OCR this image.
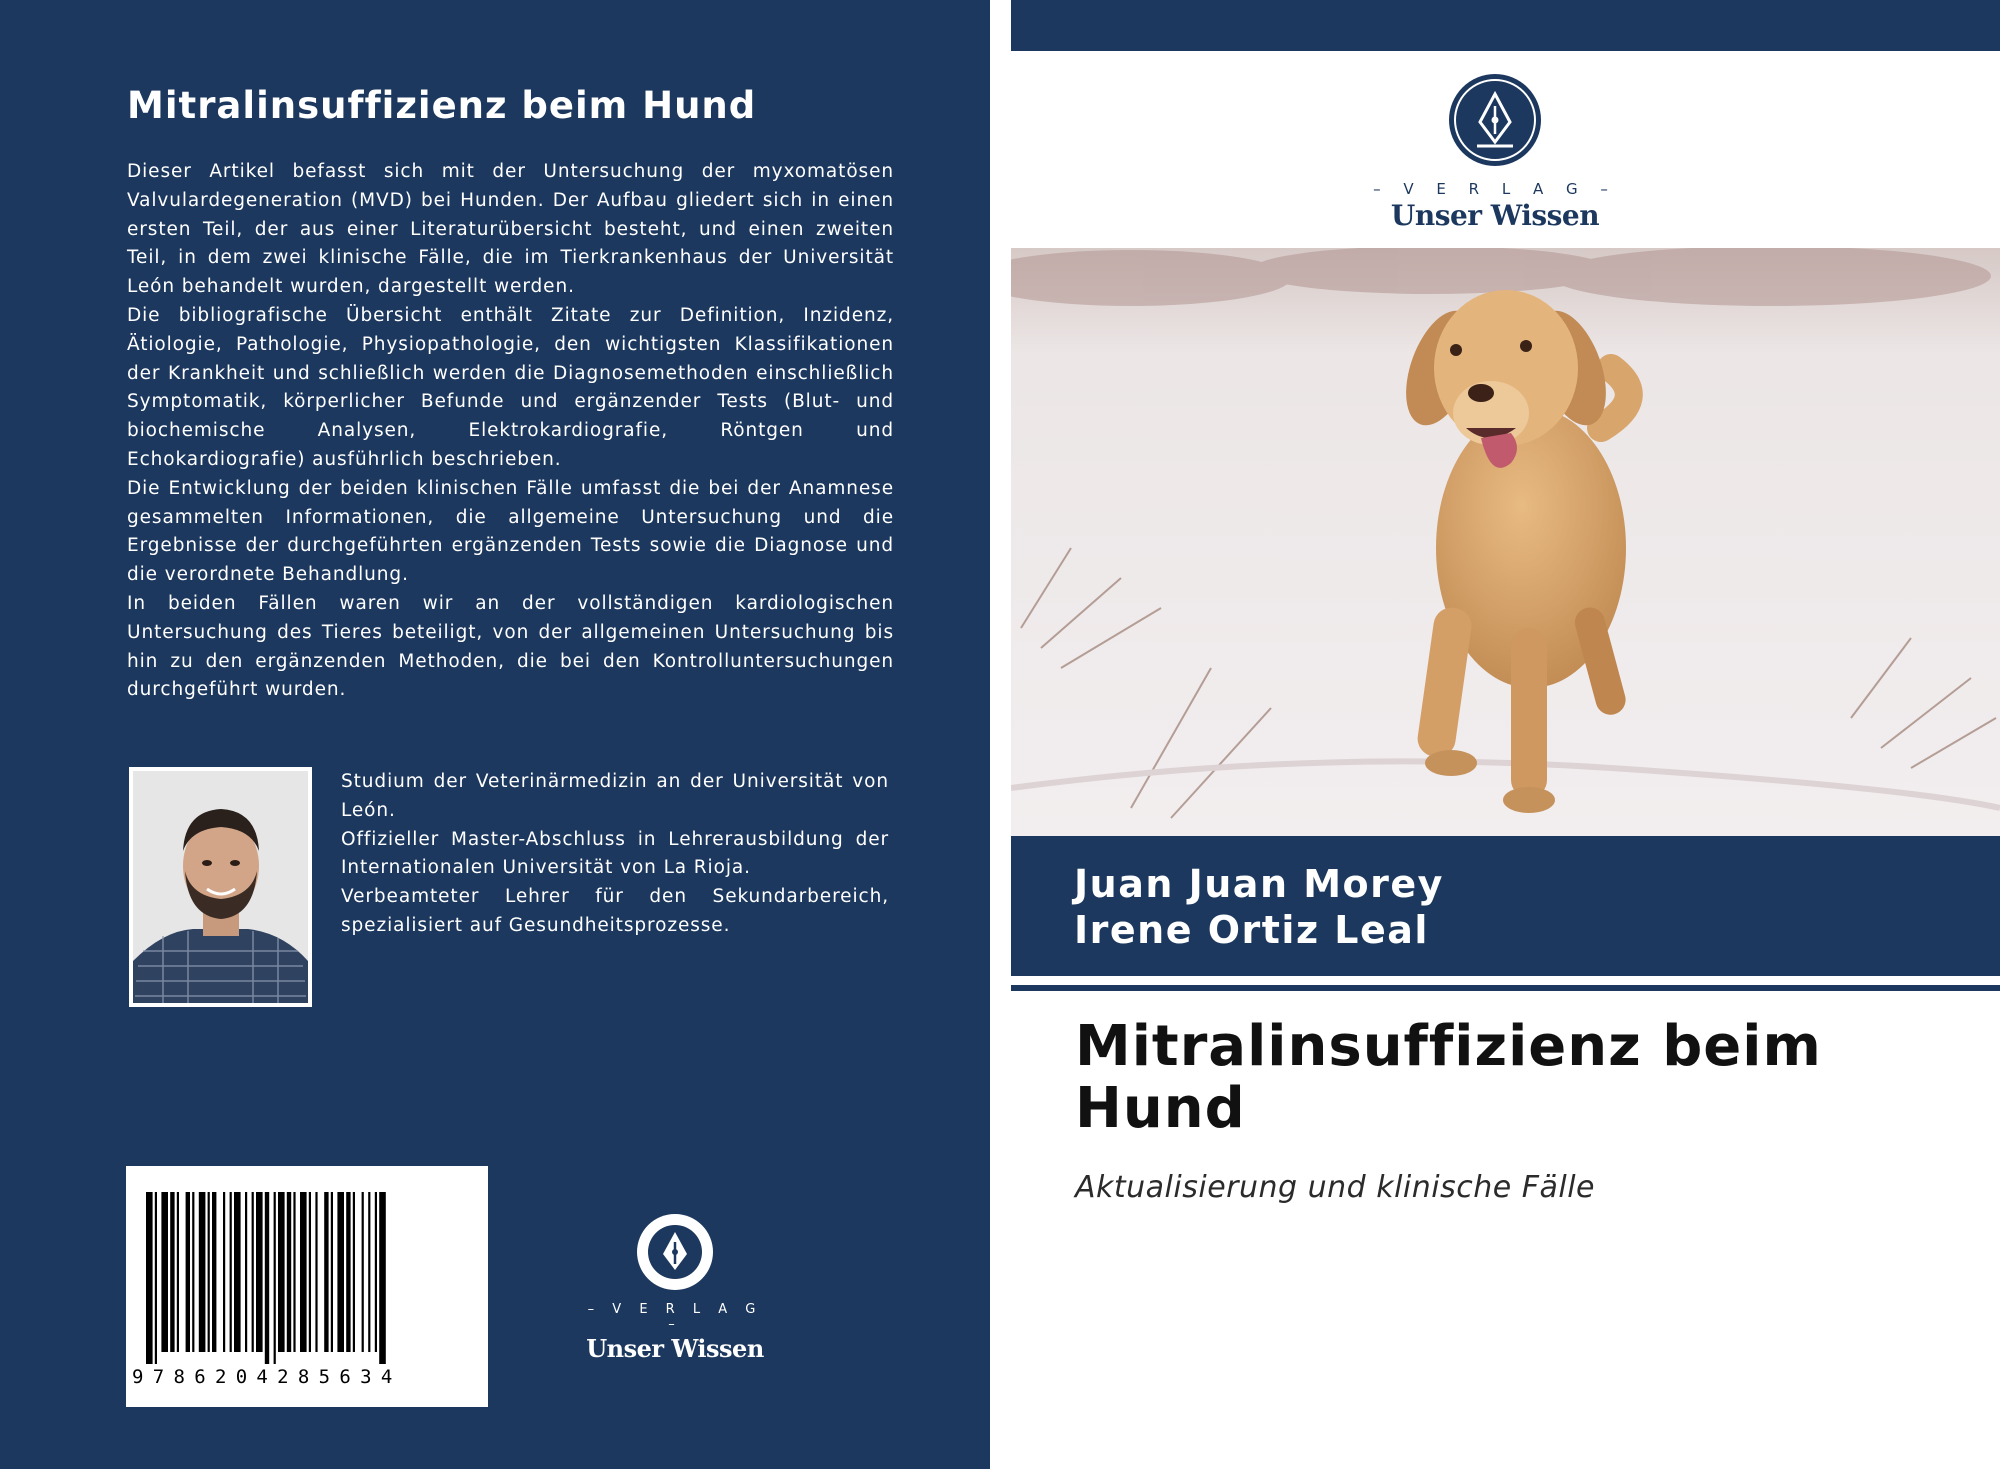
Mitralinsuffizienz beim Hund

Dieser Artikel befasst sich mit der Untersuchung der myxomatösen Valvulardegeneration (MVD) bei Hunden. Der Aufbau gliedert sich in einen ersten Teil, der aus einer Literaturübersicht besteht, und einen zweiten Teil, in dem zwei klinische Fälle, die im Tierkrankenhaus der Universität León behandelt wurden, dargestellt werden.

Die bibliografische Übersicht enthält Zitate zur Definition, Inzidenz, Ätiologie, Pathologie, Physiopathologie, den wichtigsten Klassifikationen der Krankheit und schließlich werden die Diagnosemethoden einschließlich Symptomatik, körperlicher Befunde und ergänzender Tests (Blut- und biochemische Analysen, Elektrokardiografie, Röntgen und Echokardiografie) ausführlich beschrieben.

Die Entwicklung der beiden klinischen Fälle umfasst die bei der Anamnese gesammelten Informationen, die allgemeine Untersuchung und die Ergebnisse der durchgeführten ergänzenden Tests sowie die Diagnose und die verordnete Behandlung.

In beiden Fällen waren wir an der vollständigen kardiologischen Untersuchung des Tieres beteiligt, von der allgemeinen Untersuchung bis hin zu den ergänzenden Methoden, die bei den Kontrolluntersuchungen durchgeführt wurden.

Studium der Veterinärmedizin an der Universität von León.

Offizieller Master-Abschluss in Lehrerausbildung der Internationalen Universität von La Rioja.

Verbeamteter Lehrer für den Sekundarbereich, spezialisiert auf Gesundheitsprozesse.

9786204285634
– V E R L A G –
Unser Wissen
– V E R L A G –
Unser Wissen
Juan Juan Morey
Irene Ortiz Leal
Mitralinsuffizienz beim Hund
Aktualisierung und klinische Fälle
